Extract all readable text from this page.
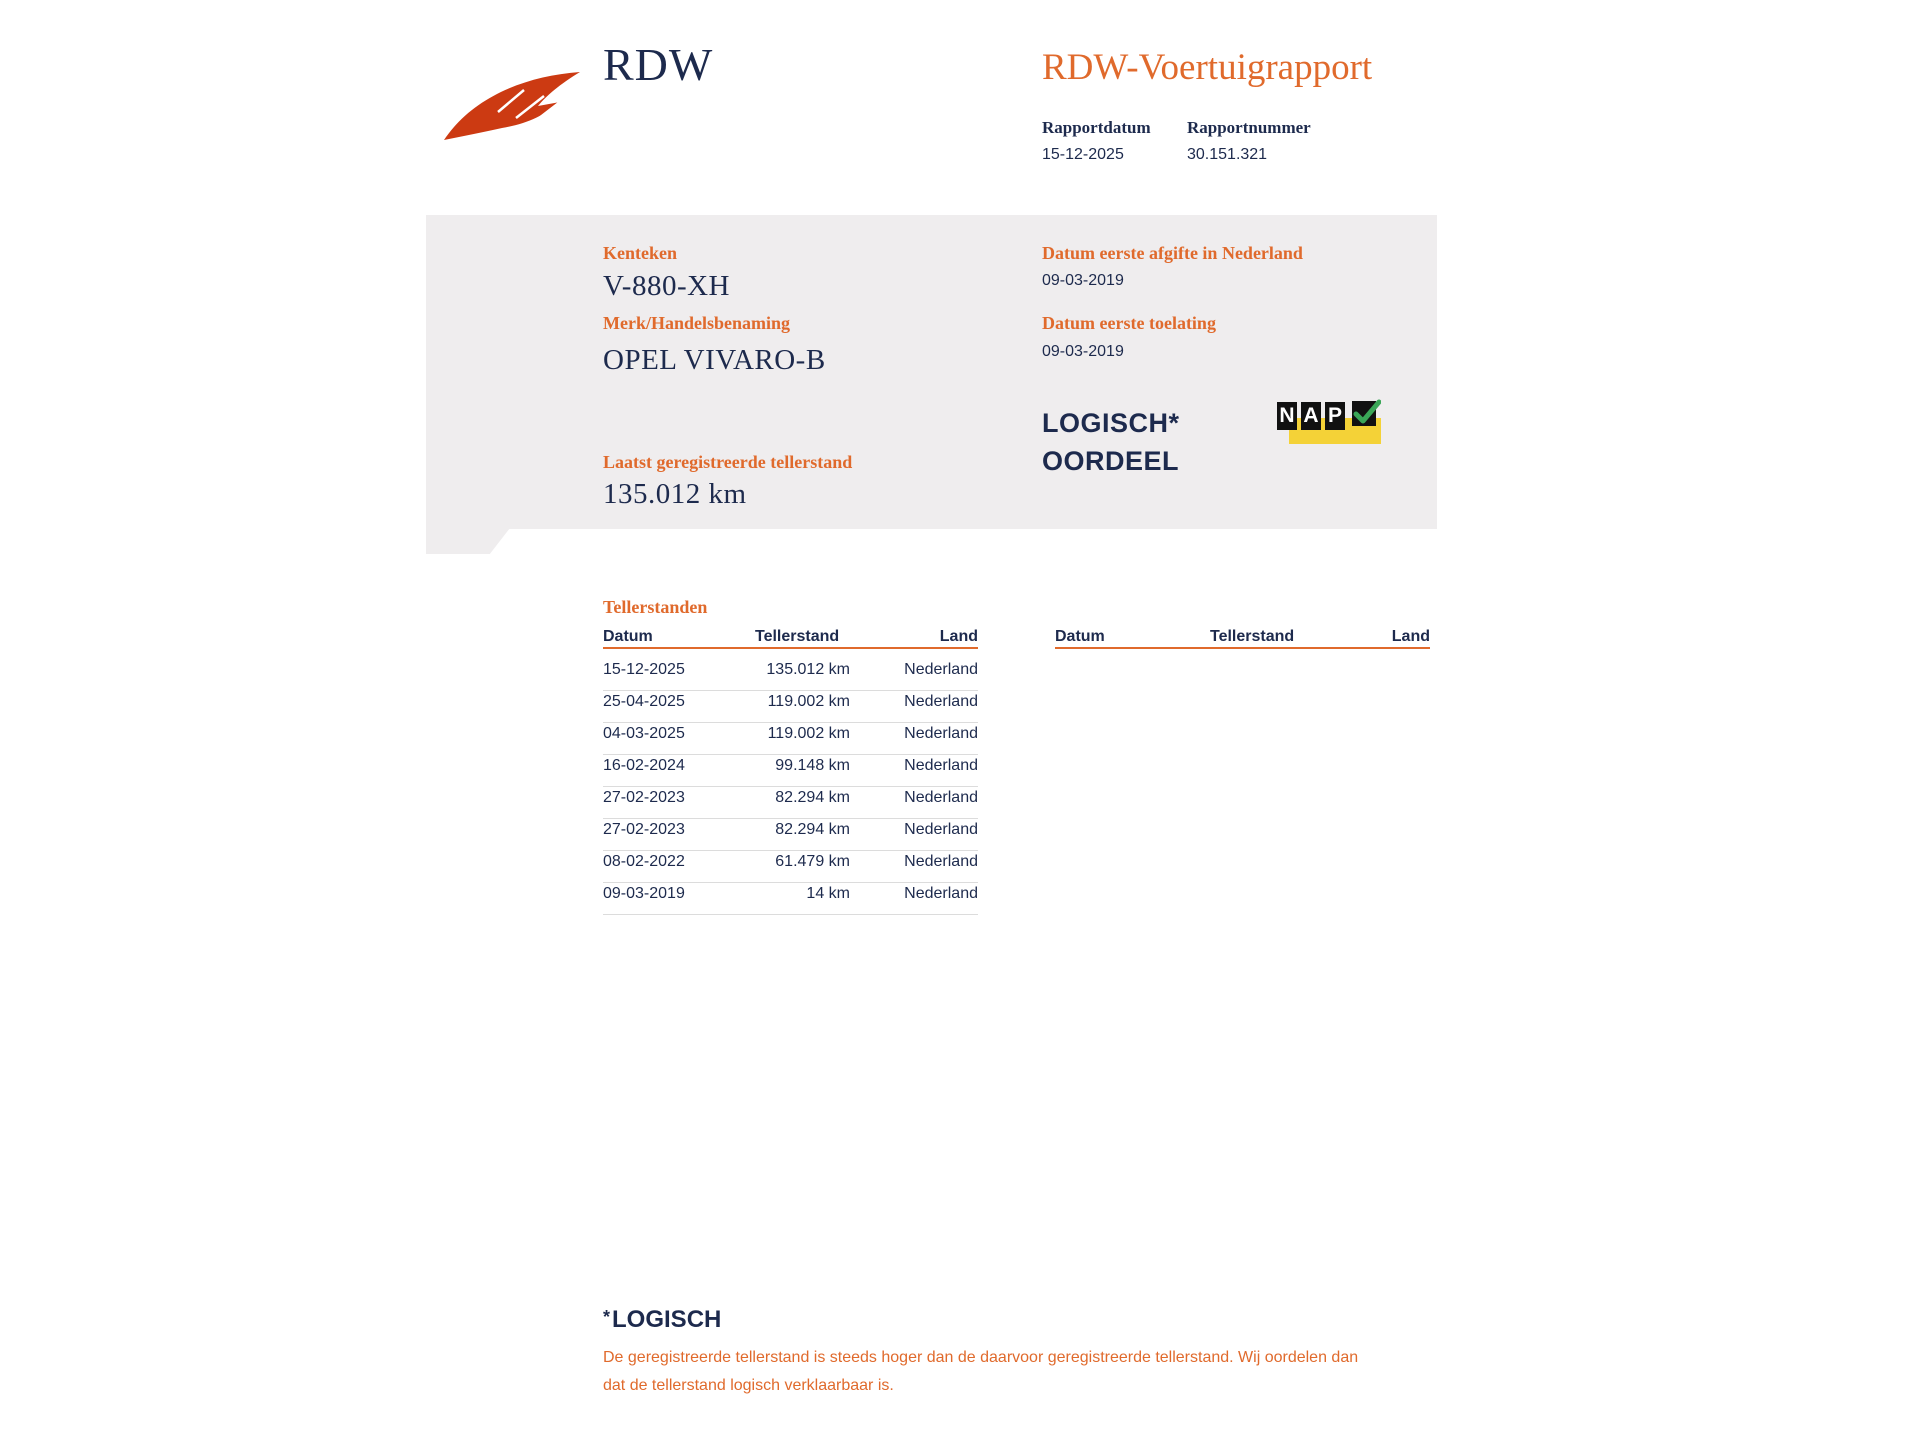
RDW	RDW-Voertuigrapport
Rapportdatum
15-12-2025
Rapportnummer
30.151.321
Kenteken
V-880-XH
Merk/Handelsbenaming
OPEL VIVARO-B
Laatst geregistreerde tellerstand
135.012 km
Datum eerste afgifte in Nederland
09-03-2019
Datum eerste toelating
09-03-2019
LOGISCH*
OORDEEL
N A P
Tellerstanden
Datum	Tellerstand	Land	Datum	Tellerstand	Land
15-12-2025	135.012 km	Nederland
25-04-2025	119.002 km	Nederland
04-03-2025	119.002 km	Nederland
16-02-2024	99.148 km	Nederland
27-02-2023	82.294 km	Nederland
27-02-2023	82.294 km	Nederland
08-02-2022	61.479 km	Nederland
09-03-2019	14 km	Nederland
*LOGISCH
De geregistreerde tellerstand is steeds hoger dan de daarvoor geregistreerde tellerstand. Wij oordelen dan
dat de tellerstand logisch verklaarbaar is.
